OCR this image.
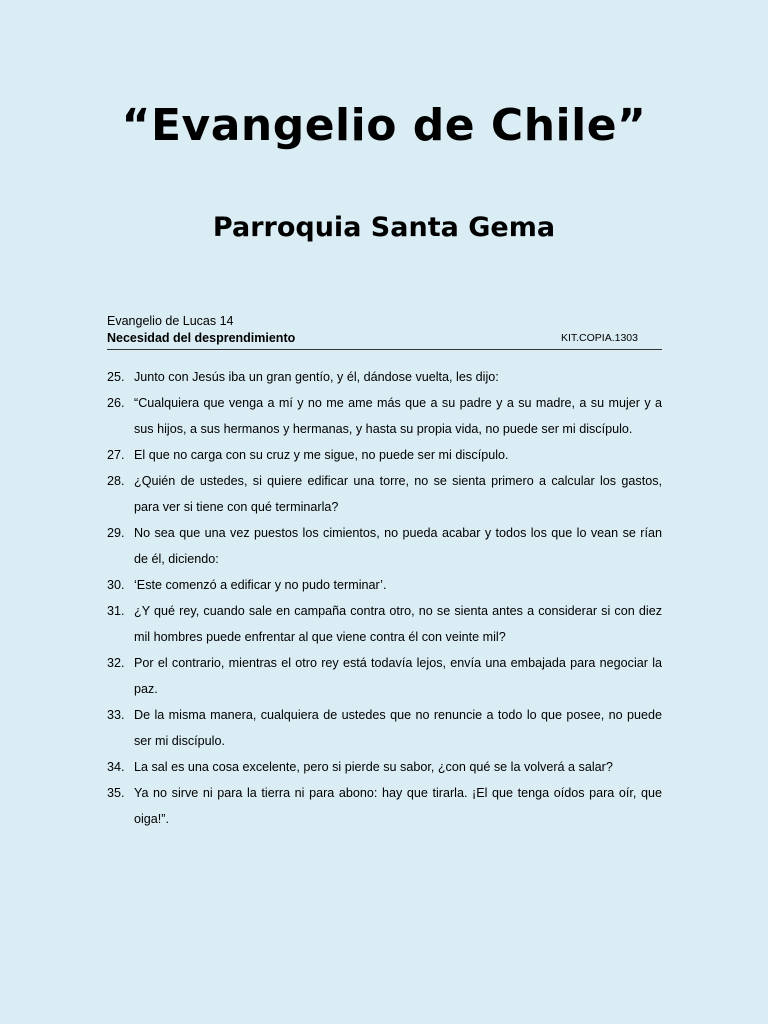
“Evangelio de Chile”
Parroquia Santa Gema
Evangelio de Lucas 14
Necesidad del desprendimiento	KIT.COPIA.1303
25. Junto con Jesús iba un gran gentío, y él, dándose vuelta, les dijo:
26. “Cualquiera que venga a mí y no me ame más que a su padre y a su madre, a su mujer y a sus hijos, a sus hermanos y hermanas, y hasta su propia vida, no puede ser mi discípulo.
27. El que no carga con su cruz y me sigue, no puede ser mi discípulo.
28. ¿Quién de ustedes, si quiere edificar una torre, no se sienta primero a calcular los gastos, para ver si tiene con qué terminarla?
29. No sea que una vez puestos los cimientos, no pueda acabar y todos los que lo vean se rían de él, diciendo:
30. ‘Este comenzó a edificar y no pudo terminar’.
31. ¿Y qué rey, cuando sale en campaña contra otro, no se sienta antes a considerar si con diez mil hombres puede enfrentar al que viene contra él con veinte mil?
32. Por el contrario, mientras el otro rey está todavía lejos, envía una embajada para negociar la paz.
33. De la misma manera, cualquiera de ustedes que no renuncie a todo lo que posee, no puede ser mi discípulo.
34. La sal es una cosa excelente, pero si pierde su sabor, ¿con qué se la volverá a salar?
35. Ya no sirve ni para la tierra ni para abono: hay que tirarla. ¡El que tenga oídos para oír, que oiga!”.
